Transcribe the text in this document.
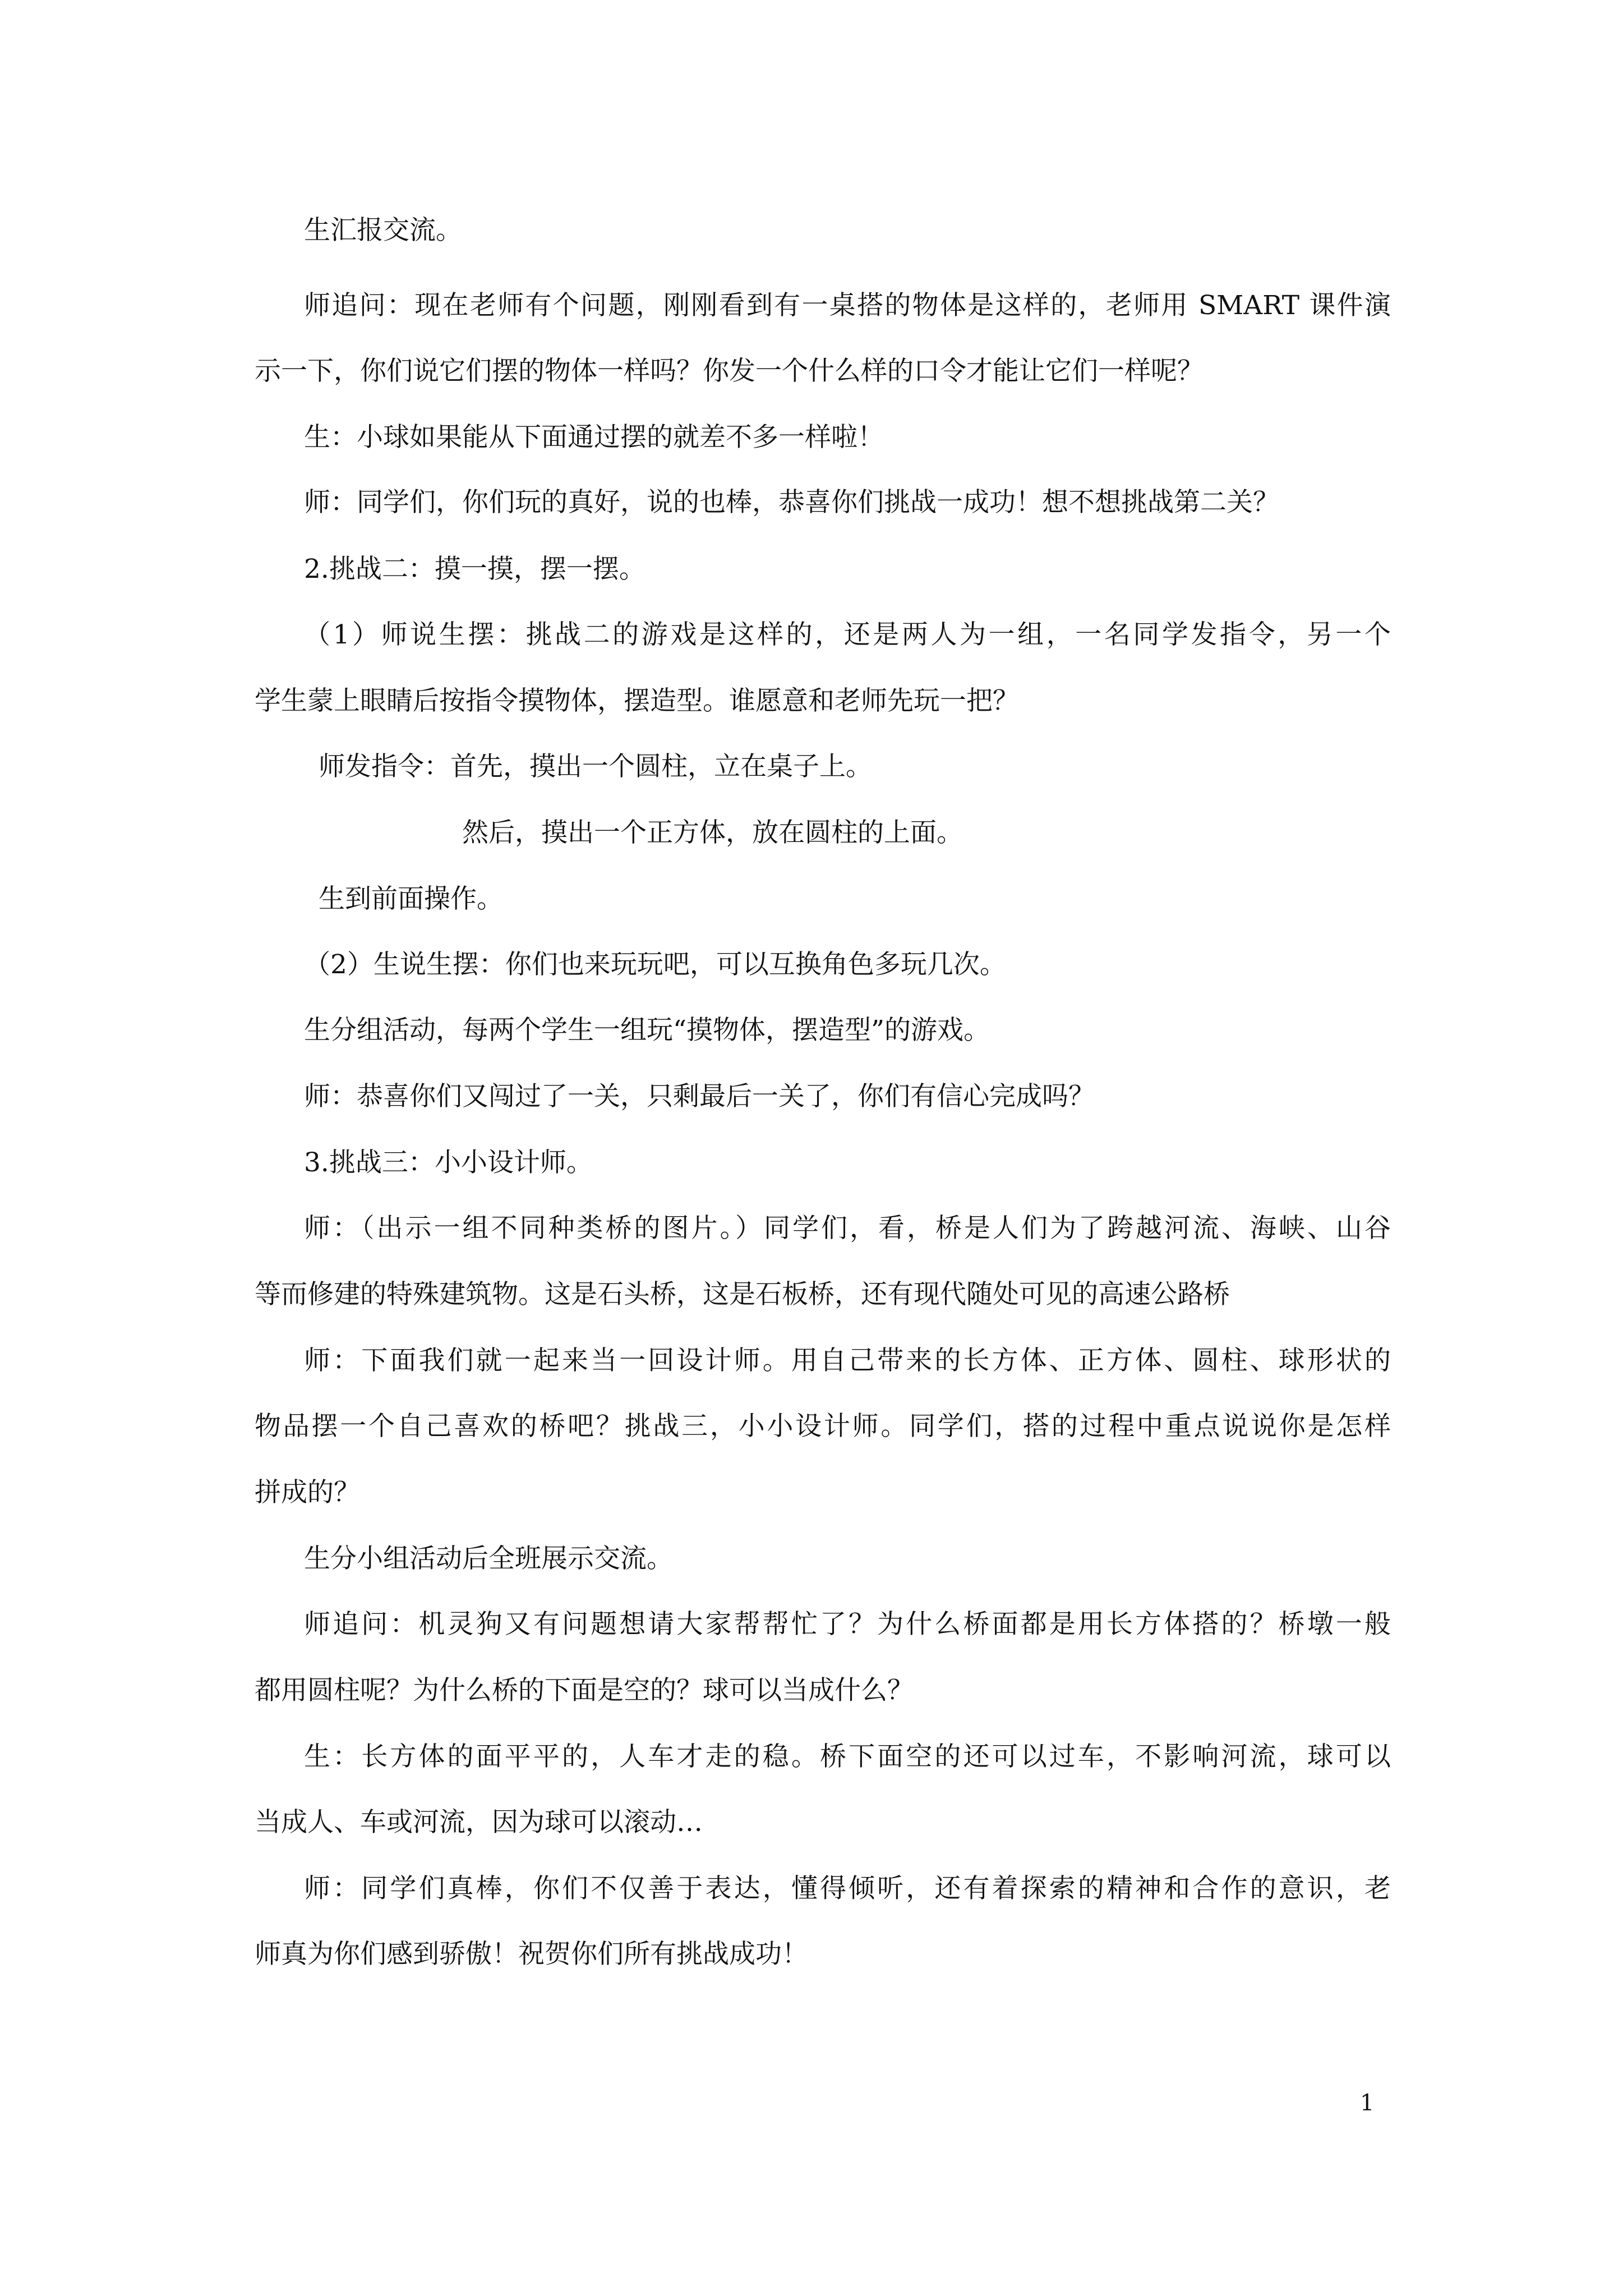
生汇报交流。
师追问：现在老师有个问题，刚刚看到有一桌搭的物体是这样的，老师用 SMART 课件演
示一下，你们说它们摆的物体一样吗？你发一个什么样的口令才能让它们一样呢？
生：小球如果能从下面通过摆的就差不多一样啦！
师：同学们，你们玩的真好，说的也棒，恭喜你们挑战一成功！想不想挑战第二关？
2.挑战二：摸一摸，摆一摆。
（1）师说生摆：挑战二的游戏是这样的，还是两人为一组，一名同学发指令，另一个
学生蒙上眼睛后按指令摸物体，摆造型。谁愿意和老师先玩一把？
师发指令：首先，摸出一个圆柱，立在桌子上。
然后，摸出一个正方体，放在圆柱的上面。
生到前面操作。
（2）生说生摆：你们也来玩玩吧，可以互换角色多玩几次。
生分组活动，每两个学生一组玩“摸物体，摆造型”的游戏。
师：恭喜你们又闯过了一关，只剩最后一关了，你们有信心完成吗？
3.挑战三：小小设计师。
师：（出示一组不同种类桥的图片。）同学们，看，桥是人们为了跨越河流、海峡、山谷
等而修建的特殊建筑物。这是石头桥，这是石板桥，还有现代随处可见的高速公路桥
师：下面我们就一起来当一回设计师。用自己带来的长方体、正方体、圆柱、球形状的
物品摆一个自己喜欢的桥吧？挑战三，小小设计师。同学们，搭的过程中重点说说你是怎样
拼成的？
生分小组活动后全班展示交流。
师追问：机灵狗又有问题想请大家帮帮忙了？为什么桥面都是用长方体搭的？桥墩一般
都用圆柱呢？为什么桥的下面是空的？球可以当成什么？
生：长方体的面平平的，人车才走的稳。桥下面空的还可以过车，不影响河流，球可以
当成人、车或河流，因为球可以滚动…
师：同学们真棒，你们不仅善于表达，懂得倾听，还有着探索的精神和合作的意识，老
师真为你们感到骄傲！祝贺你们所有挑战成功！
1
